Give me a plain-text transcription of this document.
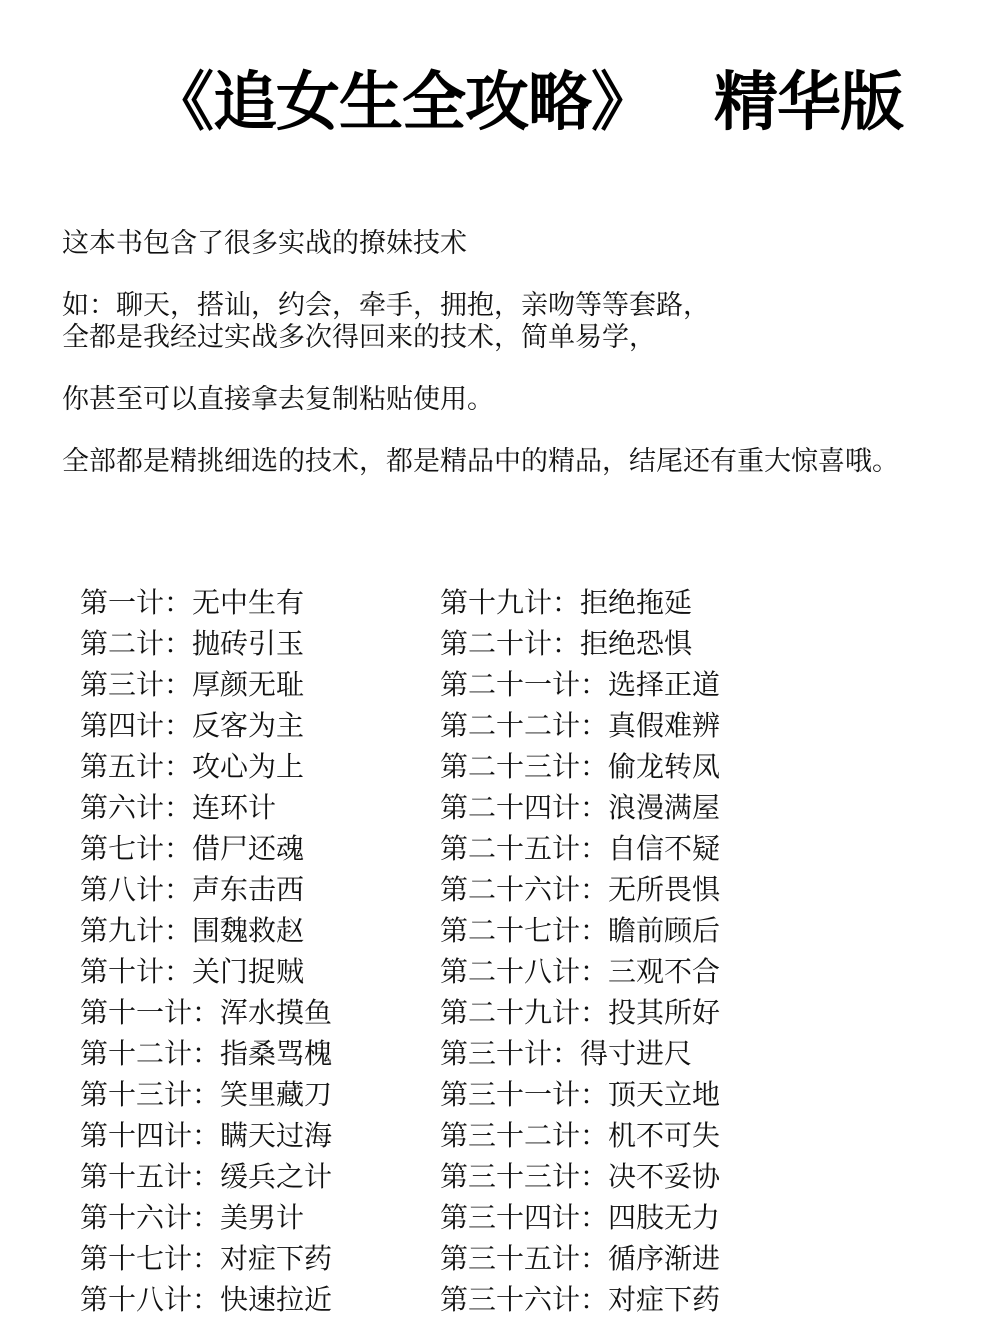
《追女生全攻略》 精华版

这本书包含了很多实战的撩妹技术

如：聊天，搭讪，约会，牵手，拥抱，亲吻等等套路，

全都是我经过实战多次得回来的技术，简单易学，

你甚至可以直接拿去复制粘贴使用。

全部都是精挑细选的技术，都是精品中的精品，结尾还有重大惊喜哦。

第一计：无中生有

第二计：抛砖引玉

第三计：厚颜无耻

第四计：反客为主

第五计：攻心为上

第六计：连环计

第七计：借尸还魂

第八计：声东击西

第九计：围魏救赵

第十计：关门捉贼

第十一计：浑水摸鱼

第十二计：指桑骂槐

第十三计：笑里藏刀

第十四计：瞒天过海

第十五计：缓兵之计

第十六计：美男计

第十七计：对症下药

第十八计：快速拉近

第十九计：拒绝拖延

第二十计：拒绝恐惧

第二十一计：选择正道

第二十二计：真假难辨

第二十三计：偷龙转凤

第二十四计：浪漫满屋

第二十五计：自信不疑

第二十六计：无所畏惧

第二十七计：瞻前顾后

第二十八计：三观不合

第二十九计：投其所好

第三十计：得寸进尺

第三十一计：顶天立地

第三十二计：机不可失

第三十三计：决不妥协

第三十四计：四肢无力

第三十五计：循序渐进

第三十六计：对症下药
